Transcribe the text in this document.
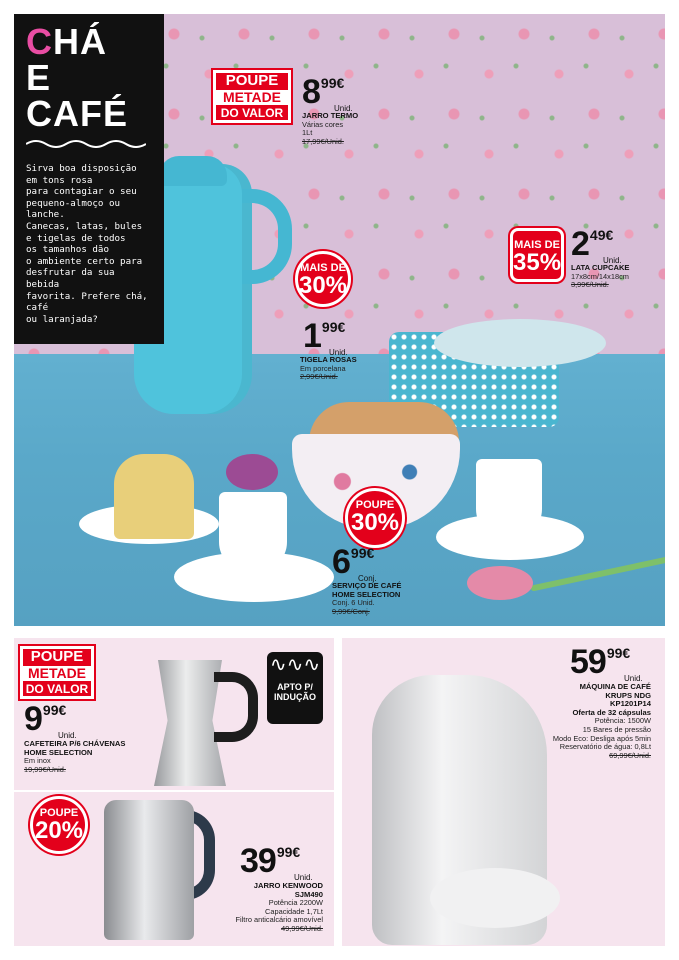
CHÁ
E
CAFÉ
Sirva boa disposição
em tons rosa
para contagiar o seu
pequeno-almoço ou lanche.
Canecas, latas, bules
e tigelas de todos
os tamanhos dão
o ambiente certo para
desfrutar da sua bebida
favorita. Prefere chá, café
ou laranjada?
POUPE
METADE
DO VALOR
899€
Unid.
JARRO TERMO
Várias cores
1Lt
17,99€/Unid.
MAIS DE
35% 249€
Unid.
LATA CUPCAKE
17x8cm/14x18cm
3,99€/Unid.
MAIS DE
30%
199€
Unid.
TIGELA ROSAS
Em porcelana
2,99€/Unid.
POUPE
30%
699€
Conj.
SERVIÇO DE CAFÉ
HOME SELECTION
Conj. 6 Unid.
9,99€/Conj.
POUPE
METADE
DO VALOR
∿∿∿
APTO P/
INDUÇÃO
999€
Unid.
CAFETEIRA P/6 CHÁVENAS
HOME SELECTION
Em inox
19,99€/Unid.
POUPE
20%
3999€
Unid.
JARRO KENWOOD
SJM490
Potência 2200W
Capacidade 1,7Lt
Filtro anticalcário amovível
49,99€/Unid.
5999€
Unid.
MÁQUINA DE CAFÉ
KRUPS NDG
KP1201P14
Oferta de 32 cápsulas
Potência: 1500W
15 Bares de pressão
Modo Eco: Desliga após 5min
Reservatório de água: 0,8Lt
69,99€/Unid.
